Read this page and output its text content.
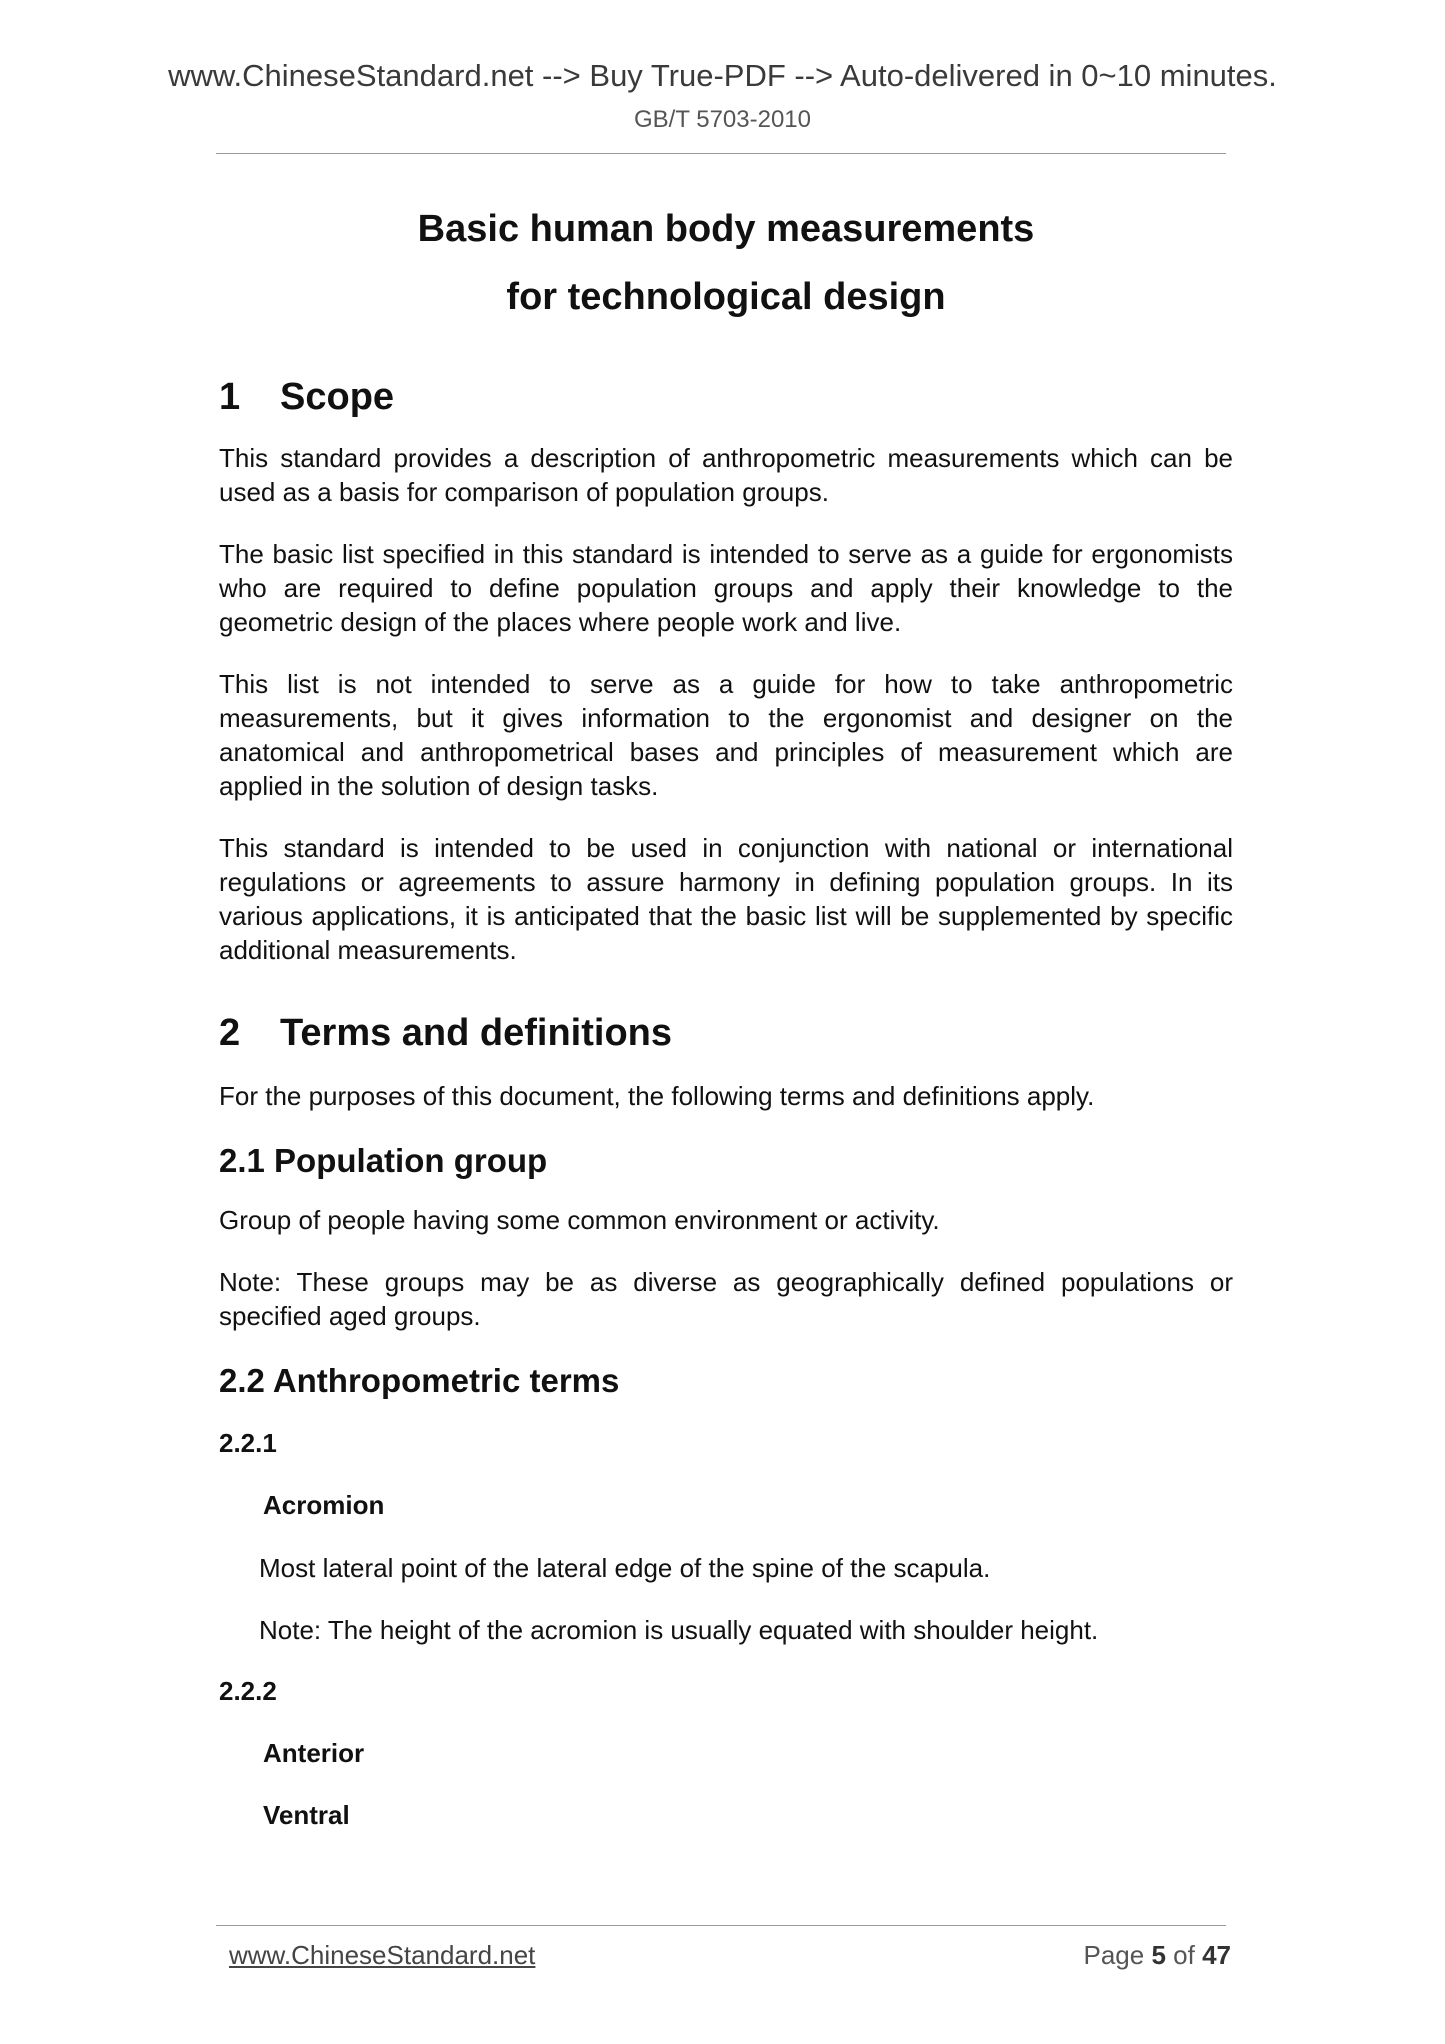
www.ChineseStandard.net --> Buy True-PDF --> Auto-delivered in 0~10 minutes.
GB/T 5703-2010
Basic human body measurements
for technological design
1 Scope

This standard provides a description of anthropometric measurements which can be used as a basis for comparison of population groups.

The basic list specified in this standard is intended to serve as a guide for ergonomists who are required to define population groups and apply their knowledge to the geometric design of the places where people work and live.

This list is not intended to serve as a guide for how to take anthropometric measurements, but it gives information to the ergonomist and designer on the anatomical and anthropometrical bases and principles of measurement which are applied in the solution of design tasks.

This standard is intended to be used in conjunction with national or international regulations or agreements to assure harmony in defining population groups. In its various applications, it is anticipated that the basic list will be supplemented by specific additional measurements.

2 Terms and definitions

For the purposes of this document, the following terms and definitions apply.

2.1 Population group

Group of people having some common environment or activity.

Note: These groups may be as diverse as geographically defined populations or specified aged groups.

2.2 Anthropometric terms
2.2.1
Acromion

Most lateral point of the lateral edge of the spine of the scapula.

Note: The height of the acromion is usually equated with shoulder height.

2.2.2
Anterior
Ventral
www.ChineseStandard.net	Page 5 of 47
